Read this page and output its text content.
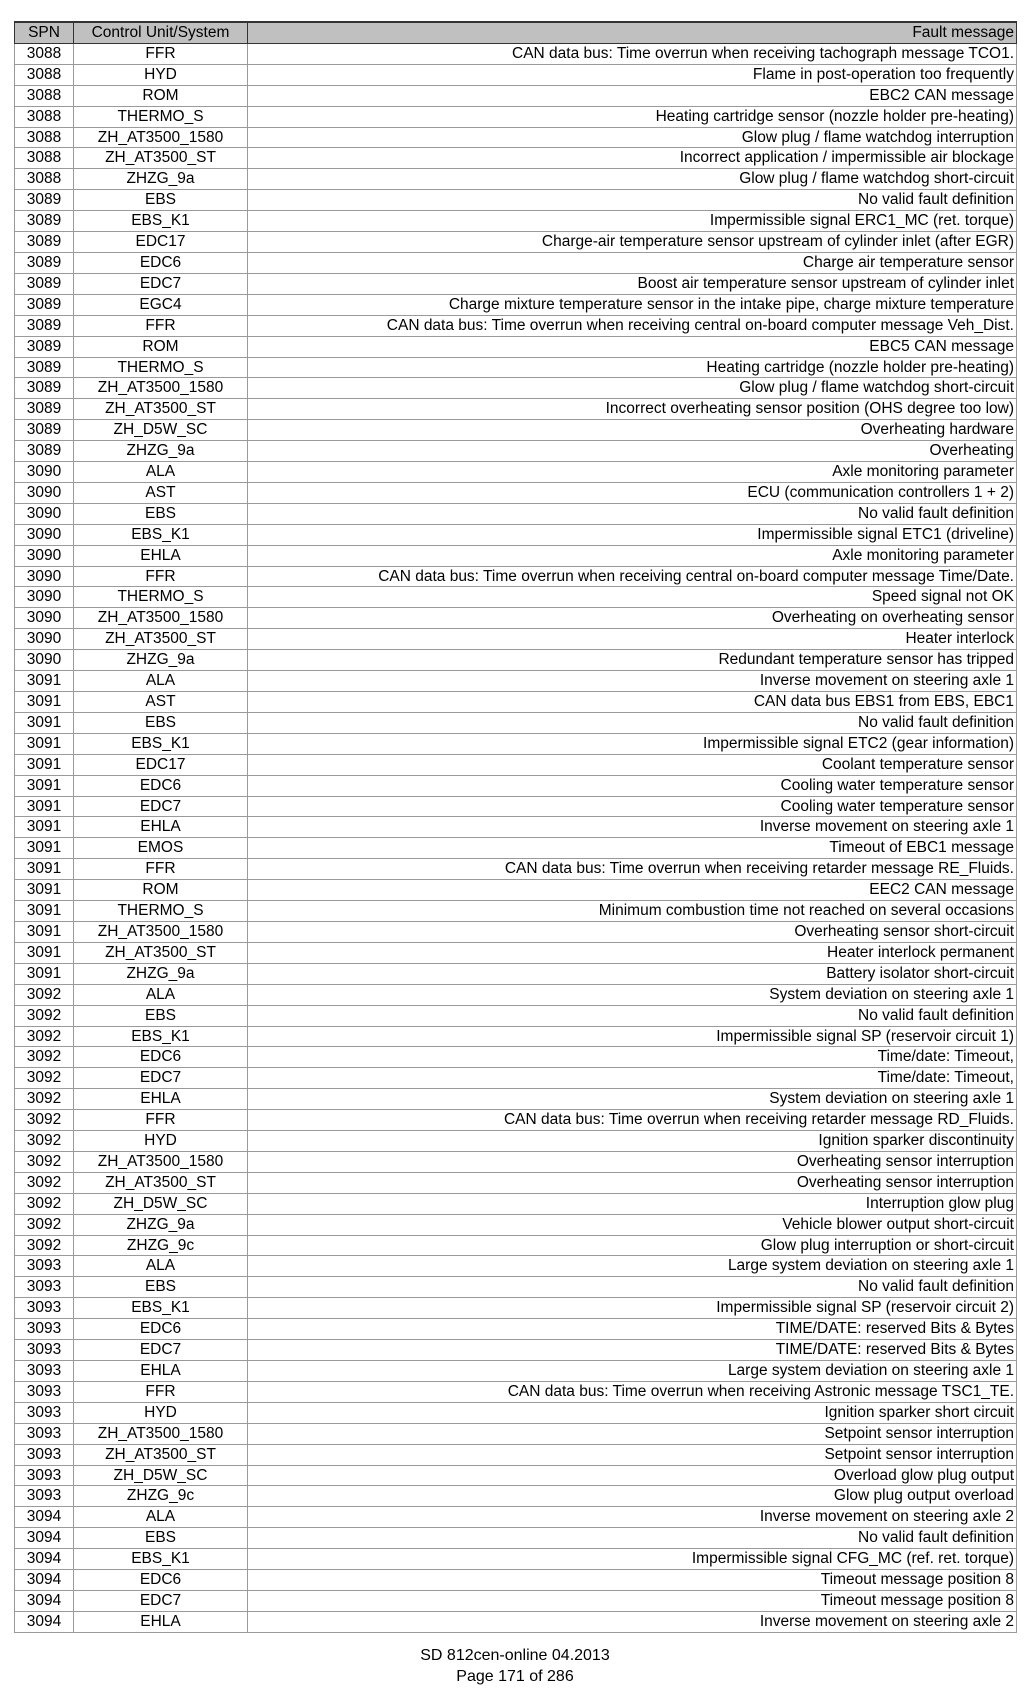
SPN	Control Unit/System	Fault message
3088	FFR	CAN data bus: Time overrun when receiving tachograph message TCO1.
3088	HYD	Flame in post-operation too frequently
3088	ROM	EBC2 CAN message
3088	THERMO_S	Heating cartridge sensor (nozzle holder pre-heating)
3088	ZH_AT3500_1580	Glow plug / flame watchdog interruption
3088	ZH_AT3500_ST	Incorrect application / impermissible air blockage
3088	ZHZG_9a	Glow plug / flame watchdog short-circuit
3089	EBS	No valid fault definition
3089	EBS_K1	Impermissible signal ERC1_MC (ret. torque)
3089	EDC17	Charge-air temperature sensor upstream of cylinder inlet (after EGR)
3089	EDC6	Charge air temperature sensor
3089	EDC7	Boost air temperature sensor upstream of cylinder inlet
3089	EGC4	Charge mixture temperature sensor in the intake pipe, charge mixture temperature
3089	FFR	CAN data bus: Time overrun when receiving central on-board computer message Veh_Dist.
3089	ROM	EBC5 CAN message
3089	THERMO_S	Heating cartridge (nozzle holder pre-heating)
3089	ZH_AT3500_1580	Glow plug / flame watchdog short-circuit
3089	ZH_AT3500_ST	Incorrect overheating sensor position (OHS degree too low)
3089	ZH_D5W_SC	Overheating hardware
3089	ZHZG_9a	Overheating
3090	ALA	Axle monitoring parameter
3090	AST	ECU (communication controllers 1 + 2)
3090	EBS	No valid fault definition
3090	EBS_K1	Impermissible signal ETC1 (driveline)
3090	EHLA	Axle monitoring parameter
3090	FFR	CAN data bus: Time overrun when receiving central on-board computer message Time/Date.
3090	THERMO_S	Speed signal not OK
3090	ZH_AT3500_1580	Overheating on overheating sensor
3090	ZH_AT3500_ST	Heater interlock
3090	ZHZG_9a	Redundant temperature sensor has tripped
3091	ALA	Inverse movement on steering axle 1
3091	AST	CAN data bus EBS1 from EBS, EBC1
3091	EBS	No valid fault definition
3091	EBS_K1	Impermissible signal ETC2 (gear information)
3091	EDC17	Coolant temperature sensor
3091	EDC6	Cooling water temperature sensor
3091	EDC7	Cooling water temperature sensor
3091	EHLA	Inverse movement on steering axle 1
3091	EMOS	Timeout of EBC1 message
3091	FFR	CAN data bus: Time overrun when receiving retarder message RE_Fluids.
3091	ROM	EEC2 CAN message
3091	THERMO_S	Minimum combustion time not reached on several occasions
3091	ZH_AT3500_1580	Overheating sensor short-circuit
3091	ZH_AT3500_ST	Heater interlock permanent
3091	ZHZG_9a	Battery isolator short-circuit
3092	ALA	System deviation on steering axle 1
3092	EBS	No valid fault definition
3092	EBS_K1	Impermissible signal SP (reservoir circuit 1)
3092	EDC6	Time/date: Timeout,
3092	EDC7	Time/date: Timeout,
3092	EHLA	System deviation on steering axle 1
3092	FFR	CAN data bus: Time overrun when receiving retarder message RD_Fluids.
3092	HYD	Ignition sparker discontinuity
3092	ZH_AT3500_1580	Overheating sensor interruption
3092	ZH_AT3500_ST	Overheating sensor interruption
3092	ZH_D5W_SC	Interruption glow plug
3092	ZHZG_9a	Vehicle blower output short-circuit
3092	ZHZG_9c	Glow plug interruption or short-circuit
3093	ALA	Large system deviation on steering axle 1
3093	EBS	No valid fault definition
3093	EBS_K1	Impermissible signal SP (reservoir circuit 2)
3093	EDC6	TIME/DATE: reserved Bits & Bytes
3093	EDC7	TIME/DATE: reserved Bits & Bytes
3093	EHLA	Large system deviation on steering axle 1
3093	FFR	CAN data bus: Time overrun when receiving Astronic message TSC1_TE.
3093	HYD	Ignition sparker short circuit
3093	ZH_AT3500_1580	Setpoint sensor interruption
3093	ZH_AT3500_ST	Setpoint sensor interruption
3093	ZH_D5W_SC	Overload glow plug output
3093	ZHZG_9c	Glow plug output overload
3094	ALA	Inverse movement on steering axle 2
3094	EBS	No valid fault definition
3094	EBS_K1	Impermissible signal CFG_MC (ref. ret. torque)
3094	EDC6	Timeout message position 8
3094	EDC7	Timeout message position 8
3094	EHLA	Inverse movement on steering axle 2
SD 812cen-online 04.2013
Page 171 of 286
